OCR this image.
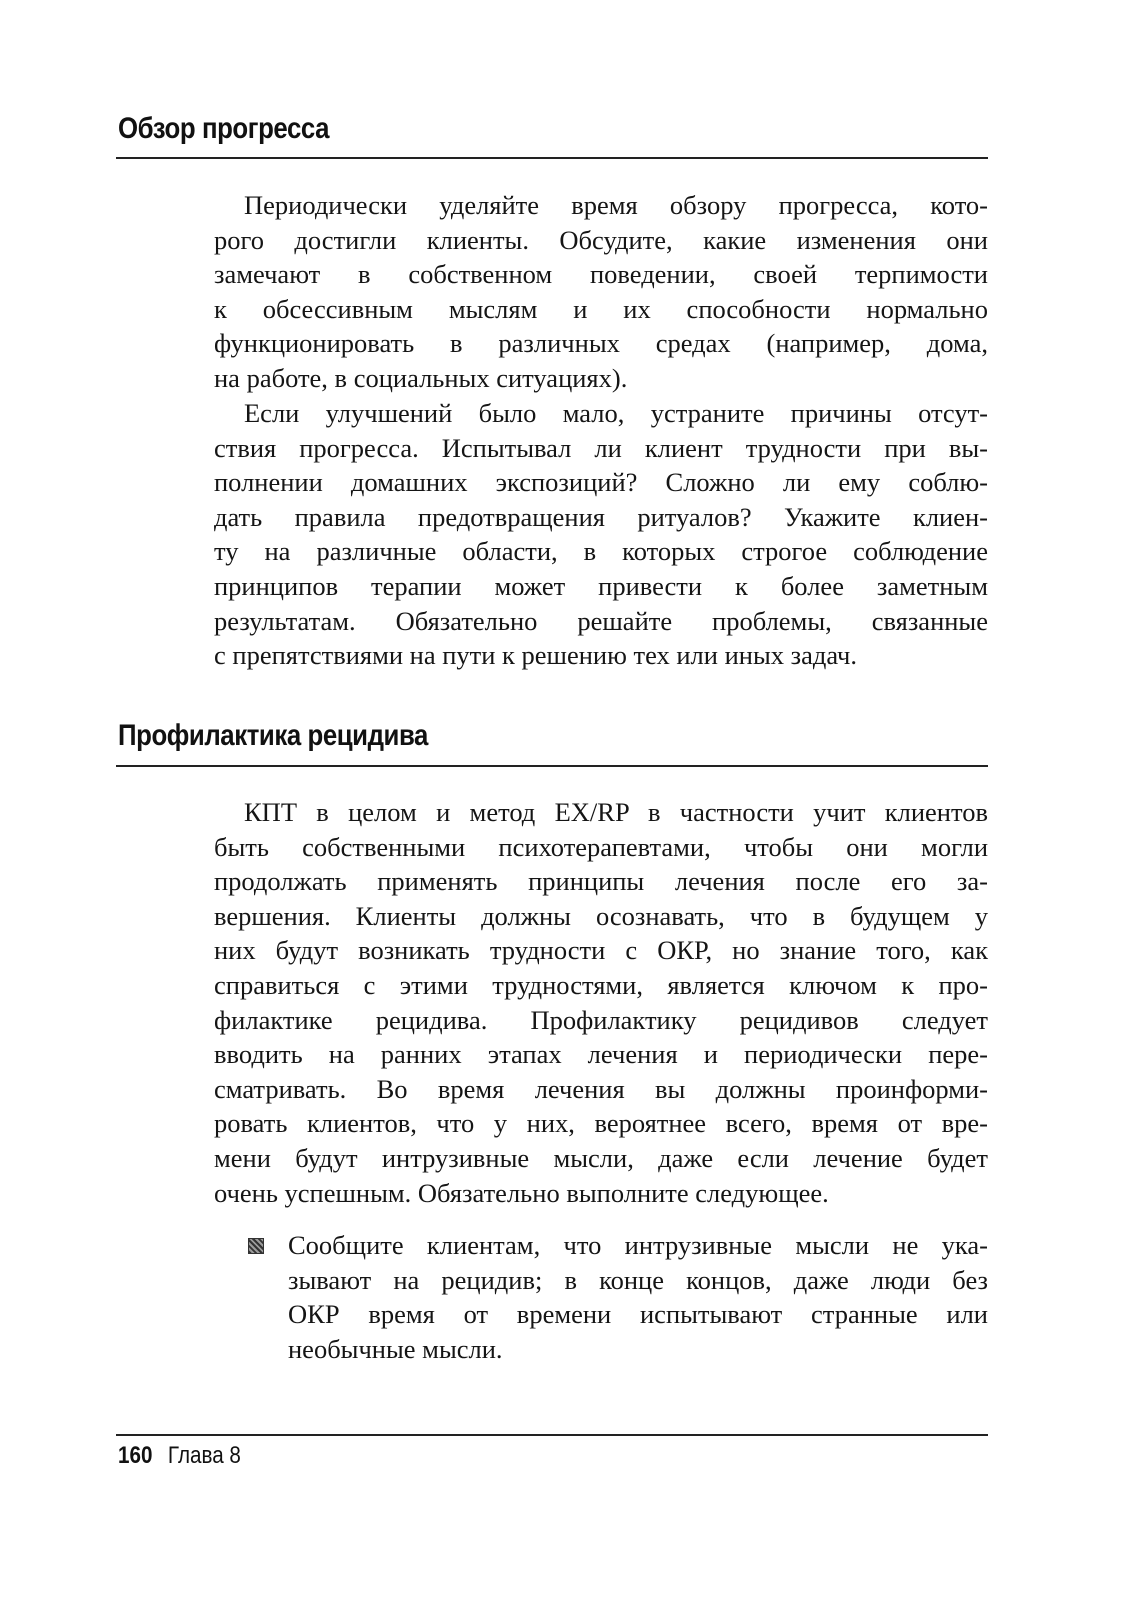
Обзор прогресса
Периодически уделяйте время обзору прогресса, кото-
рого достигли клиенты. Обсудите, какие изменения они
замечают в собственном поведении, своей терпимости
к обсессивным мыслям и их способности нормально
функционировать в различных средах (например, дома,
на работе, в социальных ситуациях).
Если улучшений было мало, устраните причины отсут-
ствия прогресса. Испытывал ли клиент трудности при вы-
полнении домашних экспозиций? Сложно ли ему соблю-
дать правила предотвращения ритуалов? Укажите клиен-
ту на различные области, в которых строгое соблюдение
принципов терапии может привести к более заметным
результатам. Обязательно решайте проблемы, связанные
с препятствиями на пути к решению тех или иных задач.
Профилактика рецидива
КПТ в целом и метод EX/RP в частности учит клиентов
быть собственными психотерапевтами, чтобы они могли
продолжать применять принципы лечения после его за-
вершения. Клиенты должны осознавать, что в будущем у
них будут возникать трудности с ОКР, но знание того, как
справиться с этими трудностями, является ключом к про-
филактике рецидива. Профилактику рецидивов следует
вводить на ранних этапах лечения и периодически пере-
сматривать. Во время лечения вы должны проинформи-
ровать клиентов, что у них, вероятнее всего, время от вре-
мени будут интрузивные мысли, даже если лечение будет
очень успешным. Обязательно выполните следующее.
Сообщите клиентам, что интрузивные мысли не ука-
зывают на рецидив; в конце концов, даже люди без
ОКР время от времени испытывают странные или
необычные мысли.
160 Глава 8
